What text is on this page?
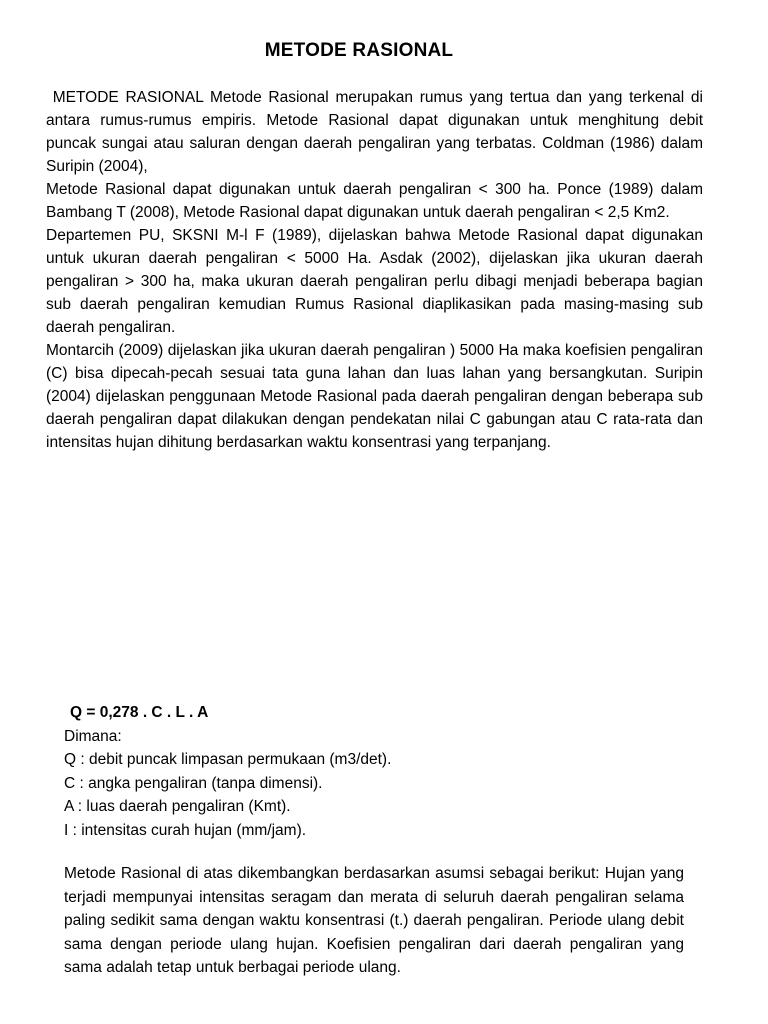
METODE RASIONAL

METODE RASIONAL Metode Rasional merupakan rumus yang tertua dan yang terkenal di antara rumus-rumus empiris. Metode Rasional dapat digunakan untuk menghitung debit puncak sungai atau saluran dengan daerah pengaliran yang terbatas. Coldman (1986) dalam Suripin (2004),

Metode Rasional dapat digunakan untuk daerah pengaliran < 300 ha. Ponce (1989) dalam Bambang T (2008), Metode Rasional dapat digunakan untuk daerah pengaliran < 2,5 Km2.

Departemen PU, SKSNI M-l F (1989), dijelaskan bahwa Metode Rasional dapat digunakan untuk ukuran daerah pengaliran < 5000 Ha. Asdak (2002), dijelaskan jika ukuran daerah pengaliran > 300 ha, maka ukuran daerah pengaliran perlu dibagi menjadi beberapa bagian sub daerah pengaliran kemudian Rumus Rasional diaplikasikan pada masing-masing sub daerah pengaliran.

Montarcih (2009) dijelaskan jika ukuran daerah pengaliran ) 5000 Ha maka koefisien pengaliran (C) bisa dipecah-pecah sesuai tata guna lahan dan luas lahan yang bersangkutan. Suripin (2004) dijelaskan penggunaan Metode Rasional pada daerah pengaliran dengan beberapa sub daerah pengaliran dapat dilakukan dengan pendekatan nilai C gabungan atau C rata-rata dan intensitas hujan dihitung berdasarkan waktu konsentrasi yang terpanjang.

Q = 0,278 . C . L . A
Dimana:
Q : debit puncak limpasan permukaan (m3/det).
C : angka pengaliran (tanpa dimensi).
A : luas daerah pengaliran (Kmt).
I : intensitas curah hujan (mm/jam).

Metode Rasional di atas dikembangkan berdasarkan asumsi sebagai berikut: Hujan yang terjadi mempunyai intensitas seragam dan merata di seluruh daerah pengaliran selama paling sedikit sama dengan waktu konsentrasi (t.) daerah pengaliran. Periode ulang debit sama dengan periode ulang hujan. Koefisien pengaliran dari daerah pengaliran yang sama adalah tetap untuk berbagai periode ulang.
